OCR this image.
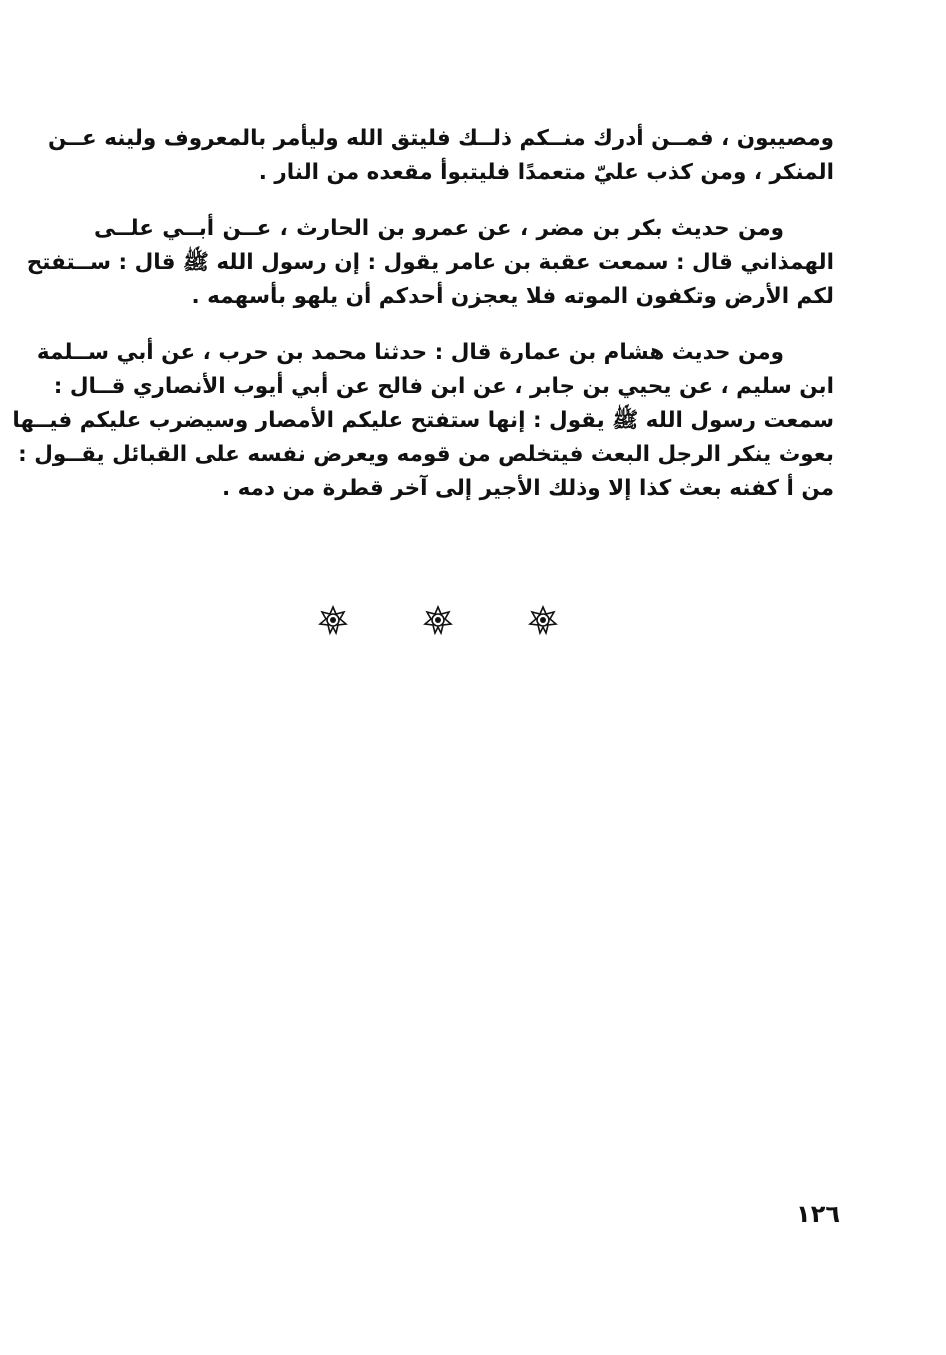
ومصيبون ، فمــن أدرك منــكم ذلــك فليتق الله وليأمر بالمعروف ولينه عــن
المنكر ، ومن كذب عليّ متعمدًا فليتبوأ مقعده من النار .

ومن حديث بكر بن مضر ، عن عمرو بن الحارث ، عــن أبــي علــى
الهمذاني قال : سمعت عقبة بن عامر يقول : إن رسول الله ﷺ قال : ســتفتح
لكم الأرض وتكفون الموته فلا يعجزن أحدكم أن يلهو بأسهمه .

ومن حديث هشام بن عمارة قال : حدثنا محمد بن حرب ، عن أبي ســلمة
ابن سليم ، عن يحيي بن جابر ، عن ابن فالح عن أبي أيوب الأنصاري قــال :
سمعت رسول الله ﷺ يقول : إنها ستفتح عليكم الأمصار وسيضرب عليكم فيــها
بعوث ينكر الرجل البعث فيتخلص من قومه ويعرض نفسه على القبائل يقــول :
من أ كفنه بعث كذا إلا وذلك الأجير إلى آخر قطرة من دمه .

١٢٦
